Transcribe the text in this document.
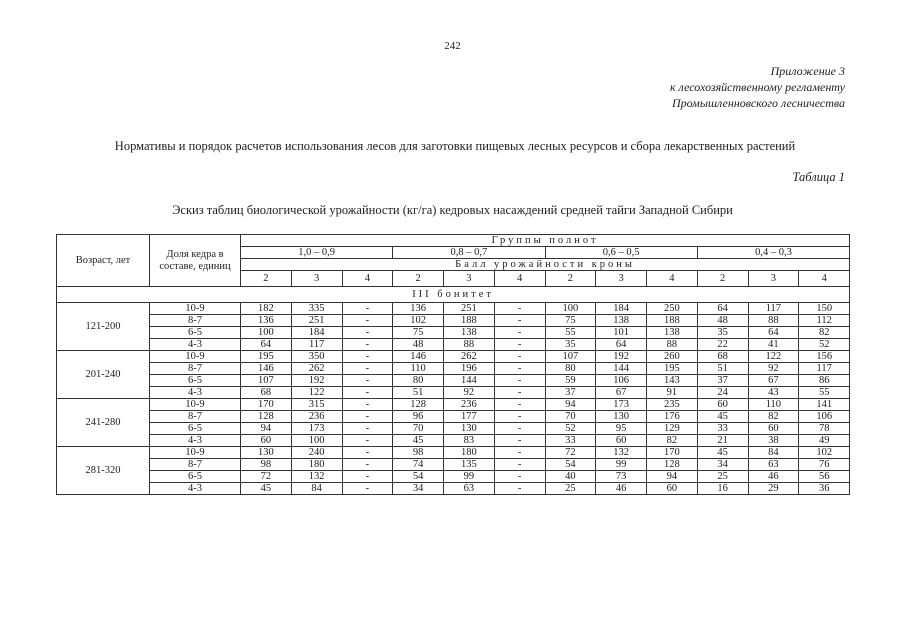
242
Приложение 3
к лесохозяйственному регламенту
Промышленновского лесничества
Нормативы и порядок расчетов использования лесов для заготовки пищевых лесных ресурсов и сбора лекарственных растений
Таблица 1
Эскиз таблиц биологической урожайности (кг/га) кедровых насаждений средней тайги Западной Сибири
Возраст, лет	Доля кедра в составе, единиц	Группы полнот											
		1,0 – 0,9			0,8 – 0,7			0,6 – 0,5			0,4 – 0,3		
		Балл урожайности кроны											
		2	3	4	2	3	4	2	3	4	2	3	4
III бонитет													
121-200	10-9	182	335	-	136	251	-	100	184	250	64	117	150
	8-7	136	251	-	102	188	-	75	138	188	48	88	112
	6-5	100	184	-	75	138	-	55	101	138	35	64	82
	4-3	64	117	-	48	88	-	35	64	88	22	41	52
201-240	10-9	195	350	-	146	262	-	107	192	260	68	122	156
	8-7	146	262	-	110	196	-	80	144	195	51	92	117
	6-5	107	192	-	80	144	-	59	106	143	37	67	86
	4-3	68	122	-	51	92	-	37	67	91	24	43	55
241-280	10-9	170	315	-	128	236	-	94	173	235	60	110	141
	8-7	128	236	-	96	177	-	70	130	176	45	82	106
	6-5	94	173	-	70	130	-	52	95	129	33	60	78
	4-3	60	100	-	45	83	-	33	60	82	21	38	49
281-320	10-9	130	240	-	98	180	-	72	132	170	45	84	102
	8-7	98	180	-	74	135	-	54	99	128	34	63	76
	6-5	72	132	-	54	99	-	40	73	94	25	46	56
	4-3	45	84	-	34	63	-	25	46	60	16	29	36
